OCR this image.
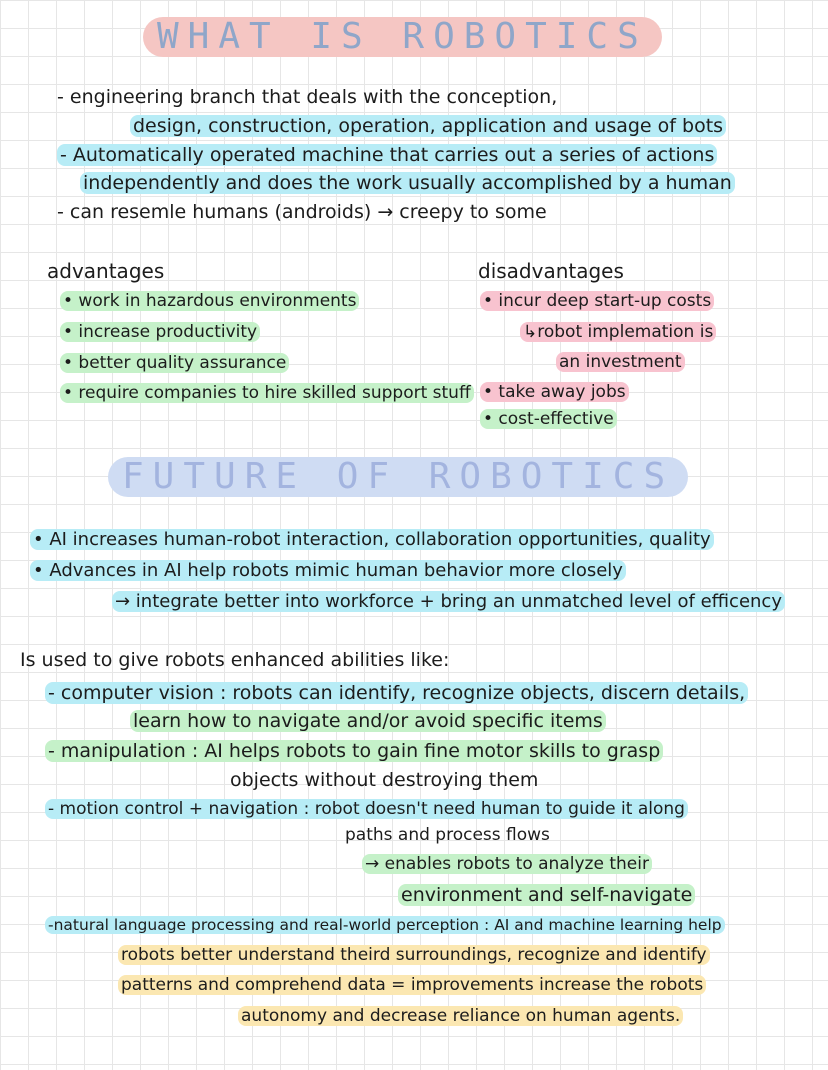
WHAT IS ROBOTICS
FUTURE OF ROBOTICS
- engineering branch that deals with the conception,
design, construction, operation, application and usage of bots
- Automatically operated machine that carries out a series of actions
independently and does the work usually accomplished by a human
- can resemle humans (androids) → creepy to some
advantages
• work in hazardous environments
• increase productivity
• better quality assurance
• require companies to hire skilled support stuff
disadvantages
• incur deep start-up costs
↳robot implemation is
an investment
• take away jobs
• cost-effective
• AI increases human-robot interaction, collaboration opportunities, quality
• Advances in AI help robots mimic human behavior more closely
→ integrate better into workforce + bring an unmatched level of efficency
Is used to give robots enhanced abilities like:
- computer vision : robots can identify, recognize objects, discern details,
learn how to navigate and/or avoid specific items
- manipulation : AI helps robots to gain fine motor skills to grasp
objects without destroying them
- motion control + navigation : robot doesn't need human to guide it along
paths and process flows
→ enables robots to analyze their
environment and self-navigate
-natural language processing and real-world perception : AI and machine learning help
robots better understand theird surroundings, recognize and identify
patterns and comprehend data = improvements increase the robots
autonomy and decrease reliance on human agents.
